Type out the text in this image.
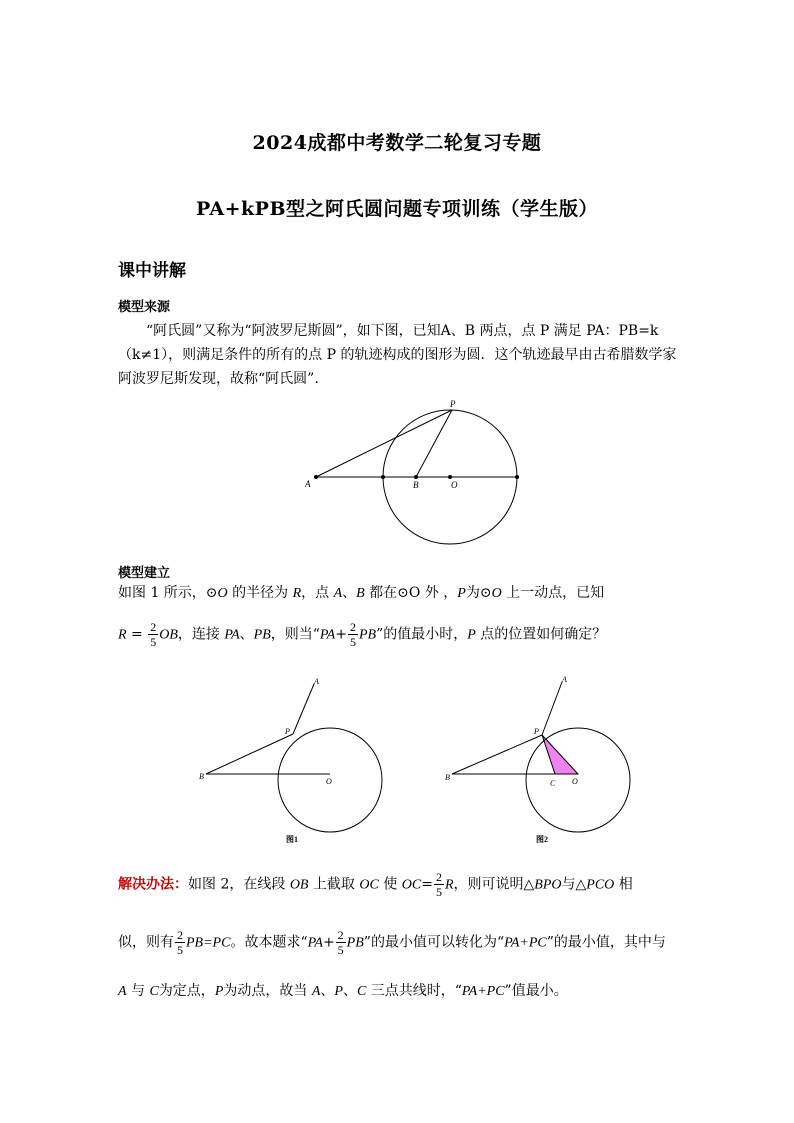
2024成都中考数学二轮复习专题
PA+kPB型之阿氏圆问题专项训练（学生版）
课中讲解
模型来源
“阿氏圆”又称为“阿波罗尼斯圆”，如下图，已知A、B 两点，点 P 满足 PA：PB=k
（k≠1），则满足条件的所有的点 P 的轨迹构成的图形为圆．这个轨迹最早由古希腊数学家
阿波罗尼斯发现，故称“阿氏圆”.
A	B	O
P
模型建立
如图 1 所示，⊙O 的半径为 R，点 A、B 都在⊙O 外 ，P为⊙O 上一动点，已知
$R = \frac{2}{5}$ OB，连接 PA、PB，则当“$PA+ \frac{2}{5}$ PB”的值最小时，P 点的位置如何确定？
A
P
B
O
图1
A
P
B
C O
图2
解决办法：如图 2，在线段 OB 上截取 OC 使 $OC= \frac{2}{5}$ R，则可说明△BPO与△PCO 相
似，则有 $\frac{2}{5} PB=PC$。故本题求“$PA+ \frac{2}{5}$ PB”的最小值可以转化为“PA+PC”的最小值，其中与
A 与 C为定点，P为动点，故当 A、P、C 三点共线时，“PA+PC”值最小。
